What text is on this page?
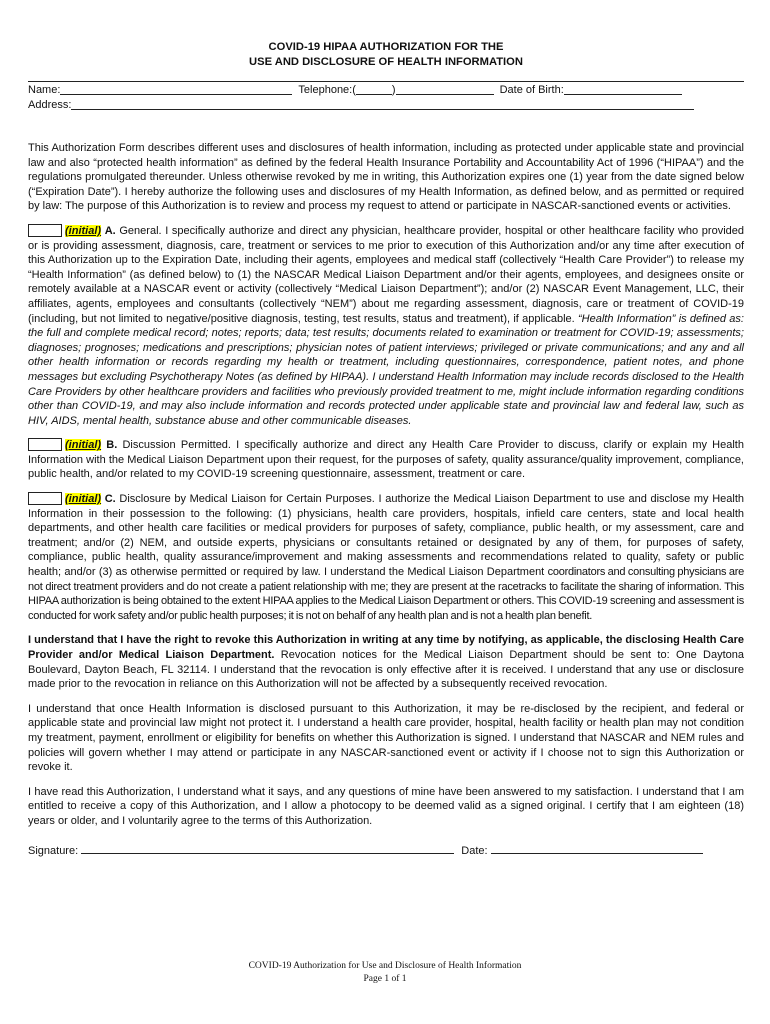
COVID-19 HIPAA AUTHORIZATION FOR THE
USE AND DISCLOSURE OF HEALTH INFORMATION
Name:	Telephone:(	)	Date of Birth:
Address:

This Authorization Form describes different uses and disclosures of health information, including as protected under applicable state and provincial law and also “protected health information” as defined by the federal Health Insurance Portability and Accountability Act of 1996 (“HIPAA”) and the regulations promulgated thereunder. Unless otherwise revoked by me in writing, this Authorization expires one (1) year from the date signed below (“Expiration Date”). I hereby authorize the following uses and disclosures of my Health Information, as defined below, and as permitted or required by law: The purpose of this Authorization is to review and process my request to attend or participate in NASCAR-sanctioned events or activities.

(initial) A. General. I specifically authorize and direct any physician, healthcare provider, hospital or other healthcare facility who provided or is providing assessment, diagnosis, care, treatment or services to me prior to execution of this Authorization and/or any time after execution of this Authorization up to the Expiration Date, including their agents, employees and medical staff (collectively “Health Care Provider”) to release my “Health Information” (as defined below) to (1) the NASCAR Medical Liaison Department and/or their agents, employees, and designees onsite or remotely available at a NASCAR event or activity (collectively “Medical Liaison Department”); and/or (2) NASCAR Event Management, LLC, their affiliates, agents, employees and consultants (collectively “NEM”) about me regarding assessment, diagnosis, care or treatment of COVID-19 (including, but not limited to negative/positive diagnosis, testing, test results, status and treatment), if applicable. “Health Information” is defined as: the full and complete medical record; notes; reports; data; test results; documents related to examination or treatment for COVID-19; assessments; diagnoses; prognoses; medications and prescriptions; physician notes of patient interviews; privileged or private communications; and any and all other health information or records regarding my health or treatment, including questionnaires, correspondence, patient notes, and phone messages but excluding Psychotherapy Notes (as defined by HIPAA). I understand Health Information may include records disclosed to the Health Care Providers by other healthcare providers and facilities who previously provided treatment to me, might include information regarding conditions other than COVID-19, and may also include information and records protected under applicable state and provincial law and federal law, such as HIV, AIDS, mental health, substance abuse and other communicable diseases.

(initial) B. Discussion Permitted. I specifically authorize and direct any Health Care Provider to discuss, clarify or explain my Health Information with the Medical Liaison Department upon their request, for the purposes of safety, quality assurance/quality improvement, compliance, public health, and/or related to my COVID-19 screening questionnaire, assessment, treatment or care.

(initial) C. Disclosure by Medical Liaison for Certain Purposes. I authorize the Medical Liaison Department to use and disclose my Health Information in their possession to the following: (1) physicians, health care providers, hospitals, infield care centers, state and local health departments, and other health care facilities or medical providers for purposes of safety, compliance, public health, or my assessment, care and treatment; and/or (2) NEM, and outside experts, physicians or consultants retained or designated by any of them, for purposes of safety, compliance, public health, quality assurance/improvement and making assessments and recommendations related to quality, safety or public health; and/or (3) as otherwise permitted or required by law. I understand the Medical Liaison Department coordinators and consulting physicians are not direct treatment providers and do not create a patient relationship with me; they are present at the racetracks to facilitate the sharing of information. This HIPAA authorization is being obtained to the extent HIPAA applies to the Medical Liaison Department or others. This COVID-19 screening and assessment is conducted for work safety and/or public health purposes; it is not on behalf of any health plan and is not a health plan benefit.

I understand that I have the right to revoke this Authorization in writing at any time by notifying, as applicable, the disclosing Health Care Provider and/or Medical Liaison Department. Revocation notices for the Medical Liaison Department should be sent to: One Daytona Boulevard, Dayton Beach, FL 32114. I understand that the revocation is only effective after it is received. I understand that any use or disclosure made prior to the revocation in reliance on this Authorization will not be affected by a subsequently received revocation.

I understand that once Health Information is disclosed pursuant to this Authorization, it may be re-disclosed by the recipient, and federal or applicable state and provincial law might not protect it. I understand a health care provider, hospital, health facility or health plan may not condition my treatment, payment, enrollment or eligibility for benefits on whether this Authorization is signed. I understand that NASCAR and NEM rules and policies will govern whether I may attend or participate in any NASCAR-sanctioned event or activity if I choose not to sign this Authorization or revoke it.

I have read this Authorization, I understand what it says, and any questions of mine have been answered to my satisfaction. I understand that I am entitled to receive a copy of this Authorization, and I allow a photocopy to be deemed valid as a signed original. I certify that I am eighteen (18) years or older, and I voluntarily agree to the terms of this Authorization.

Signature:	Date:
COVID-19 Authorization for Use and Disclosure of Health Information
Page 1 of 1
